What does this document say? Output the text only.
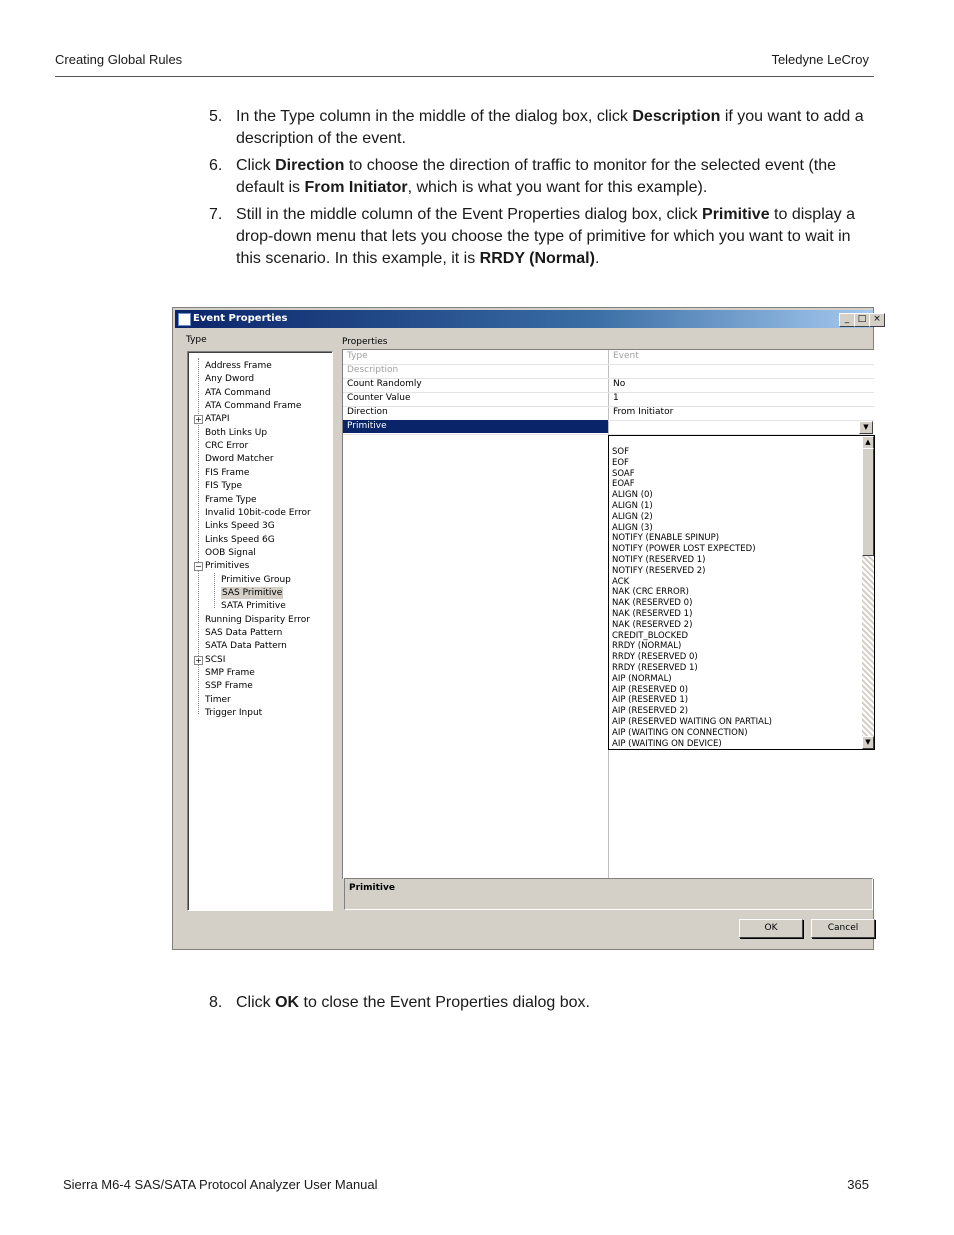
Creating Global Rules	Teledyne LeCroy
5. In the Type column in the middle of the dialog box, click Description if you want to add a description of the event.
6. Click Direction to choose the direction of traffic to monitor for the selected event (the default is From Initiator, which is what you want for this example).
7. Still in the middle column of the Event Properties dialog box, click Primitive to display a drop-down menu that lets you choose the type of primitive for which you want to wait in this scenario. In this example, it is RRDY (Normal).
Event Properties	_ □ ×
Type	Properties
Address Frame
Any Dword
ATA Command
ATA Command Frame
ATAPI
+
Both Links Up
CRC Error
Dword Matcher
FIS Frame
FIS Type
Frame Type
Invalid 10bit-code Error
Links Speed 3G
Links Speed 6G
OOB Signal
Primitives
−
Primitive Group
SAS Primitive
SATA Primitive
Running Disparity Error
SAS Data Pattern
SATA Data Pattern
SCSI
+
SMP Frame
SSP Frame
Timer
Trigger Input
Type	Event
Description
Count Randomly	No
Counter Value	1
Direction	From Initiator
Primitive	▼
SOF
EOF
SOAF
EOAF
ALIGN (0)
ALIGN (1)
ALIGN (2)
ALIGN (3)
NOTIFY (ENABLE SPINUP)
NOTIFY (POWER LOST EXPECTED)
NOTIFY (RESERVED 1)
NOTIFY (RESERVED 2)
ACK
NAK (CRC ERROR)
NAK (RESERVED 0)
NAK (RESERVED 1)
NAK (RESERVED 2)
CREDIT_BLOCKED
RRDY (NORMAL)
RRDY (RESERVED 0)
RRDY (RESERVED 1)
AIP (NORMAL)
AIP (RESERVED 0)
AIP (RESERVED 1)
AIP (RESERVED 2)
AIP (RESERVED WAITING ON PARTIAL)
AIP (WAITING ON CONNECTION)
AIP (WAITING ON DEVICE)
▲
▼
Primitive
OK	Cancel
8. Click OK to close the Event Properties dialog box.
Sierra M6-4 SAS/SATA Protocol Analyzer User Manual	365
